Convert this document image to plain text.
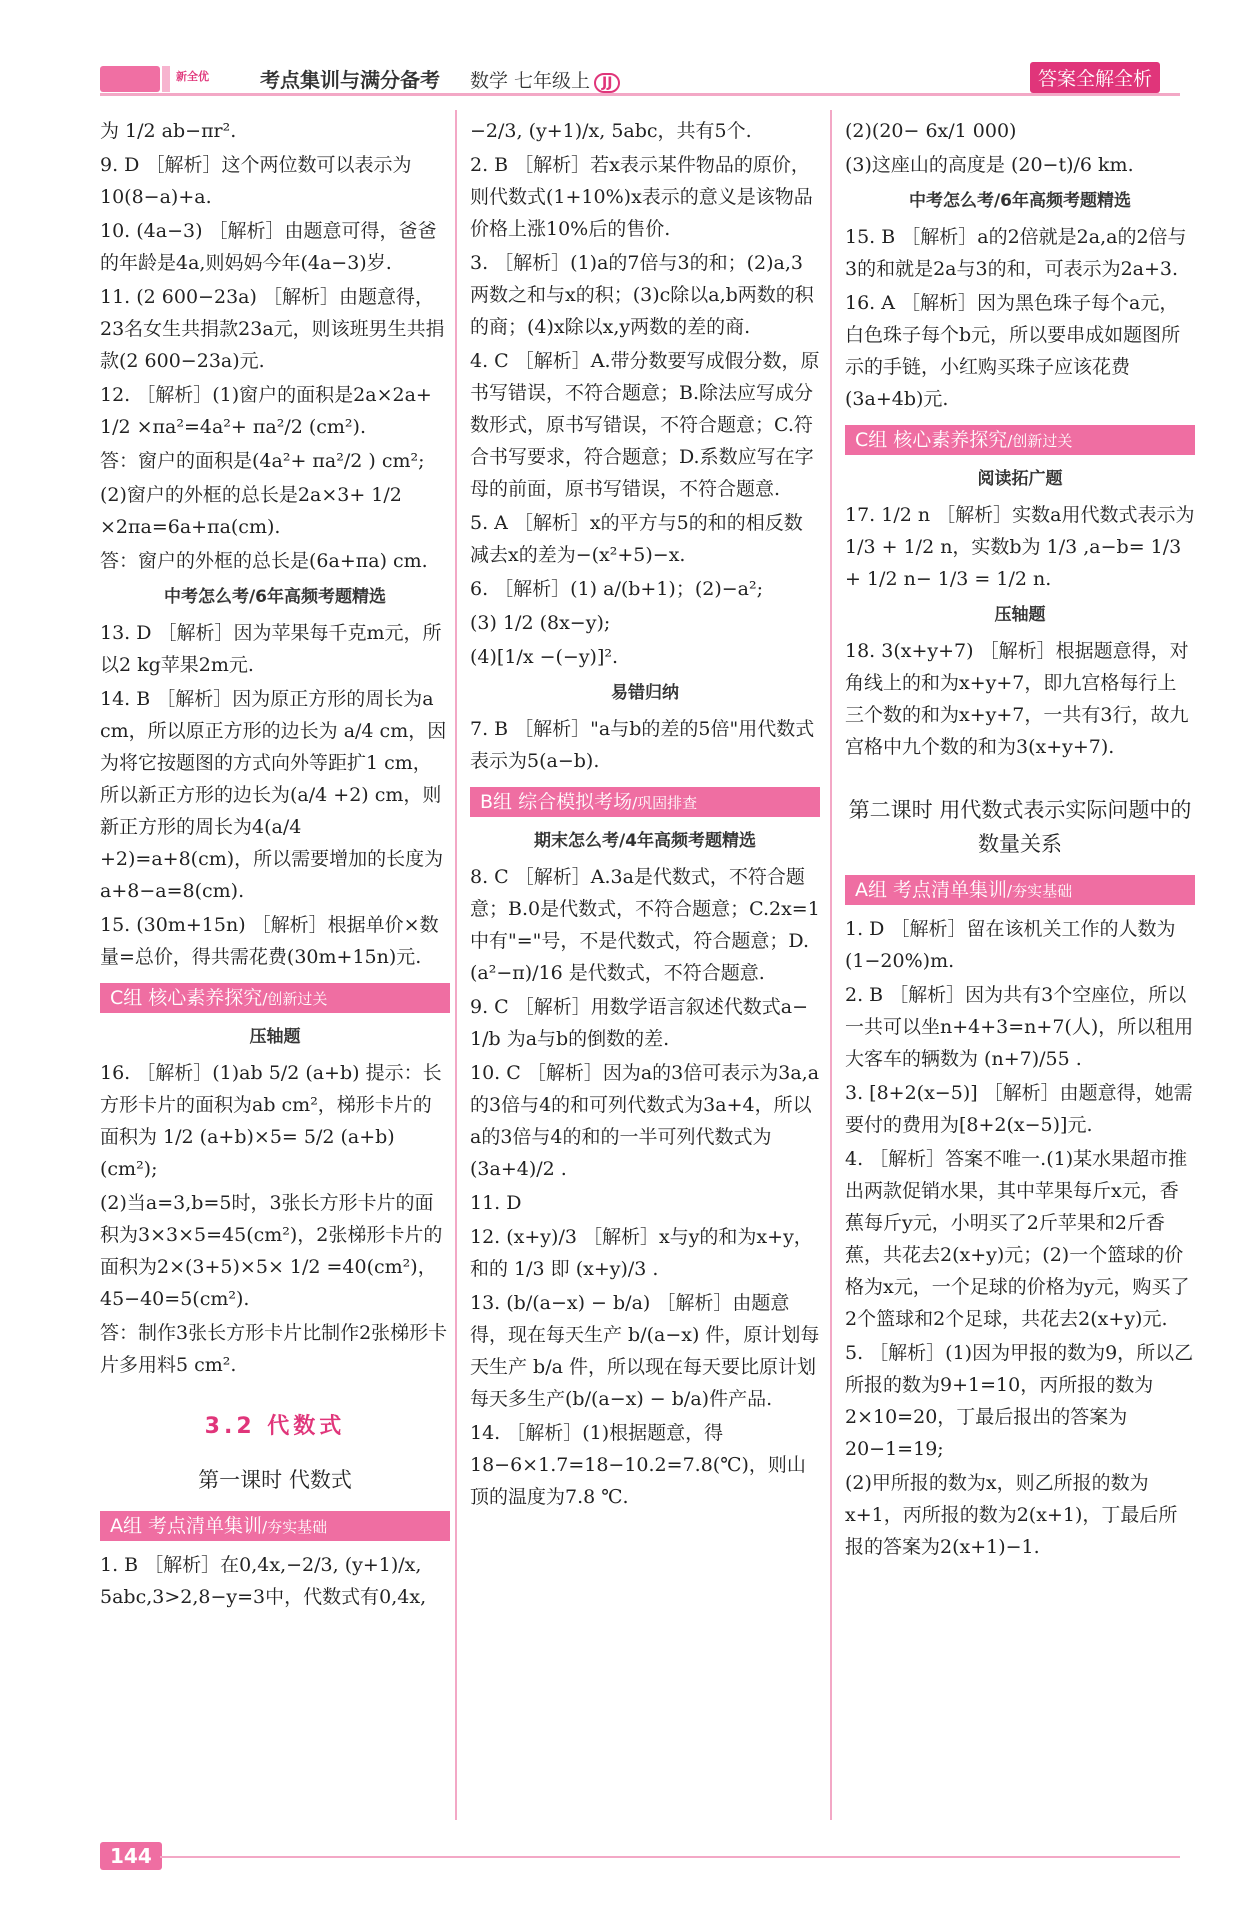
新全优	考点集训与满分备考 数学 七年级上 JJ	答案全解全析
为 1/2 ab−πr².
9. D ［解析］这个两位数可以表示为10(8−a)+a.
10. (4a−3) ［解析］由题意可得，爸爸的年龄是4a,则妈妈今年(4a−3)岁.
11. (2 600−23a) ［解析］由题意得，23名女生共捐款23a元，则该班男生共捐款(2 600−23a)元.
12. ［解析］(1)窗户的面积是2a×2a+ 1/2 ×πa²=4a²+ πa²/2 (cm²).
答：窗户的面积是(4a²+ πa²/2 ) cm²;
(2)窗户的外框的总长是2a×3+ 1/2 ×2πa=6a+πa(cm).
答：窗户的外框的总长是(6a+πa) cm.
中考怎么考/6年高频考题精选
13. D ［解析］因为苹果每千克m元，所以2 kg苹果2m元.
14. B ［解析］因为原正方形的周长为a cm，所以原正方形的边长为 a/4 cm，因为将它按题图的方式向外等距扩1 cm，所以新正方形的边长为(a/4 +2) cm，则新正方形的周长为4(a/4 +2)=a+8(cm)，所以需要增加的长度为a+8−a=8(cm).
15. (30m+15n) ［解析］根据单价×数量=总价，得共需花费(30m+15n)元.
C组 核心素养探究/创新过关
压轴题
16. ［解析］(1)ab 5/2 (a+b) 提示：长方形卡片的面积为ab cm²，梯形卡片的面积为 1/2 (a+b)×5= 5/2 (a+b)(cm²);
(2)当a=3,b=5时，3张长方形卡片的面积为3×3×5=45(cm²)，2张梯形卡片的面积为2×(3+5)×5× 1/2 =40(cm²)，45−40=5(cm²).
答：制作3张长方形卡片比制作2张梯形卡片多用料5 cm².
3.2 代数式
第一课时 代数式
A组 考点清单集训/夯实基础
1. B ［解析］在0,4x,−2/3, (y+1)/x, 5abc,3>2,8−y=3中，代数式有0,4x,
−2/3, (y+1)/x, 5abc，共有5个.
2. B ［解析］若x表示某件物品的原价，则代数式(1+10%)x表示的意义是该物品价格上涨10%后的售价.
3. ［解析］(1)a的7倍与3的和；(2)a,3两数之和与x的积；(3)c除以a,b两数的积的商；(4)x除以x,y两数的差的商.
4. C ［解析］A.带分数要写成假分数，原书写错误，不符合题意；B.除法应写成分数形式，原书写错误，不符合题意；C.符合书写要求，符合题意；D.系数应写在字母的前面，原书写错误，不符合题意.
5. A ［解析］x的平方与5的和的相反数减去x的差为−(x²+5)−x.
6. ［解析］(1) a/(b+1)；(2)−a²;
(3) 1/2 (8x−y);
(4)[1/x −(−y)]².
易错归纳
7. B ［解析］"a与b的差的5倍"用代数式表示为5(a−b).
B组 综合模拟考场/巩固排查
期末怎么考/4年高频考题精选
8. C ［解析］A.3a是代数式，不符合题意；B.0是代数式，不符合题意；C.2x=1中有"="号，不是代数式，符合题意；D. (a²−π)/16 是代数式，不符合题意.
9. C ［解析］用数学语言叙述代数式a− 1/b 为a与b的倒数的差.
10. C ［解析］因为a的3倍可表示为3a,a的3倍与4的和可列代数式为3a+4，所以a的3倍与4的和的一半可列代数式为 (3a+4)/2 .
11. D
12. (x+y)/3 ［解析］x与y的和为x+y，和的 1/3 即 (x+y)/3 .
13. (b/(a−x) − b/a) ［解析］由题意得，现在每天生产 b/(a−x) 件，原计划每天生产 b/a 件，所以现在每天要比原计划每天多生产(b/(a−x) − b/a)件产品.
14. ［解析］(1)根据题意，得18−6×1.7=18−10.2=7.8(℃)，则山顶的温度为7.8 ℃.
(2)(20− 6x/1 000)
(3)这座山的高度是 (20−t)/6 km.
中考怎么考/6年高频考题精选
15. B ［解析］a的2倍就是2a,a的2倍与3的和就是2a与3的和，可表示为2a+3.
16. A ［解析］因为黑色珠子每个a元，白色珠子每个b元，所以要串成如题图所示的手链，小红购买珠子应该花费(3a+4b)元.
C组 核心素养探究/创新过关
阅读拓广题
17. 1/2 n ［解析］实数a用代数式表示为 1/3 + 1/2 n，实数b为 1/3 ,a−b= 1/3 + 1/2 n− 1/3 = 1/2 n.
压轴题
18. 3(x+y+7) ［解析］根据题意得，对角线上的和为x+y+7，即九宫格每行上三个数的和为x+y+7，一共有3行，故九宫格中九个数的和为3(x+y+7).
第二课时 用代数式表示实际问题中的数量关系
A组 考点清单集训/夯实基础
1. D ［解析］留在该机关工作的人数为(1−20%)m.
2. B ［解析］因为共有3个空座位，所以一共可以坐n+4+3=n+7(人)，所以租用大客车的辆数为 (n+7)/55 .
3. [8+2(x−5)] ［解析］由题意得，她需要付的费用为[8+2(x−5)]元.
4. ［解析］答案不唯一.(1)某水果超市推出两款促销水果，其中苹果每斤x元，香蕉每斤y元，小明买了2斤苹果和2斤香蕉，共花去2(x+y)元；(2)一个篮球的价格为x元，一个足球的价格为y元，购买了2个篮球和2个足球，共花去2(x+y)元.
5. ［解析］(1)因为甲报的数为9，所以乙所报的数为9+1=10，丙所报的数为2×10=20，丁最后报出的答案为20−1=19;
(2)甲所报的数为x，则乙所报的数为x+1，丙所报的数为2(x+1)，丁最后所报的答案为2(x+1)−1.
144
